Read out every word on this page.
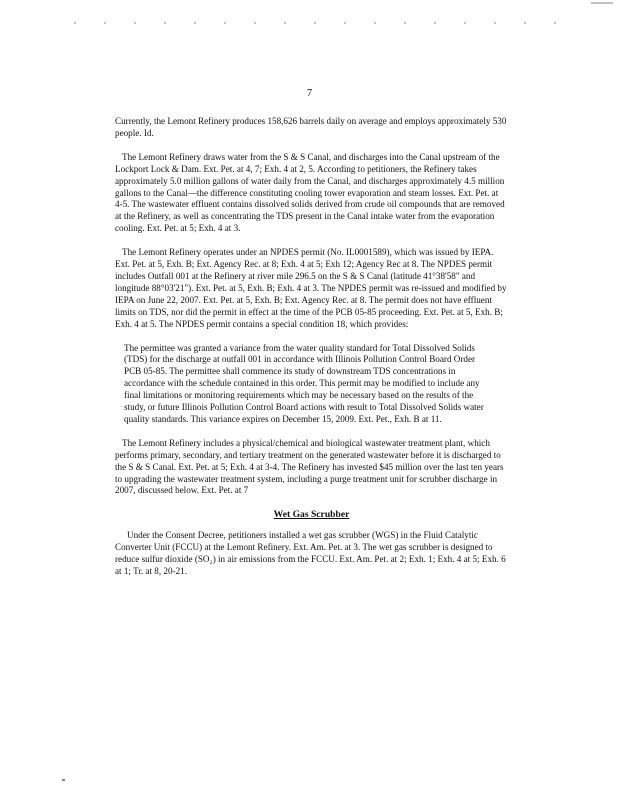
7

Currently, the Lemont Refinery produces 158,626 barrels daily on average and employs approximately 530 people. Id.

The Lemont Refinery draws water from the S & S Canal, and discharges into the Canal upstream of the Lockport Lock & Dam. Ext. Pet. at 4, 7; Exh. 4 at 2, 5. According to petitioners, the Refinery takes approximately 5.0 million gallons of water daily from the Canal, and discharges approximately 4.5 million gallons to the Canal—the difference constituting cooling tower evaporation and steam losses. Ext. Pet. at 4-5. The wastewater effluent contains dissolved solids derived from crude oil compounds that are removed at the Refinery, as well as concentrating the TDS present in the Canal intake water from the evaporation cooling. Ext. Pet. at 5; Exh. 4 at 3.

The Lemont Refinery operates under an NPDES permit (No. IL0001589), which was issued by IEPA. Ext. Pet. at 5, Exh. B; Ext. Agency Rec. at 8; Exh. 4 at 5; Exh 12; Agency Rec at 8. The NPDES permit includes Outfall 001 at the Refinery at river mile 296.5 on the S & S Canal (latitude 41°38'58" and longitude 88°03'21"). Ext. Pet. at 5, Exh. B; Exh. 4 at 3. The NPDES permit was re-issued and modified by IEPA on June 22, 2007. Ext. Pet. at 5, Exh. B; Ext. Agency Rec. at 8. The permit does not have effluent limits on TDS, nor did the permit in effect at the time of the PCB 05-85 proceeding. Ext. Pet. at 5, Exh. B; Exh. 4 at 5. The NPDES permit contains a special condition 18, which provides:

The permittee was granted a variance from the water quality standard for Total Dissolved Solids (TDS) for the discharge at outfall 001 in accordance with Illinois Pollution Control Board Order PCB 05-85. The permittee shall commence its study of downstream TDS concentrations in accordance with the schedule contained in this order. This permit may be modified to include any final limitations or monitoring requirements which may be necessary based on the results of the study, or future Illinois Pollution Control Board actions with result to Total Dissolved Solids water quality standards. This variance expires on December 15, 2009. Ext. Pet., Exh. B at 11.

The Lemont Refinery includes a physical/chemical and biological wastewater treatment plant, which performs primary, secondary, and tertiary treatment on the generated wastewater before it is discharged to the S & S Canal. Ext. Pet. at 5; Exh. 4 at 3-4. The Refinery has invested $45 million over the last ten years to upgrading the wastewater treatment system, including a purge treatment unit for scrubber discharge in 2007, discussed below. Ext. Pet. at 7

Wet Gas Scrubber

Under the Consent Decree, petitioners installed a wet gas scrubber (WGS) in the Fluid Catalytic Converter Unit (FCCU) at the Lemont Refinery. Ext. Am. Pet. at 3. The wet gas scrubber is designed to reduce sulfur dioxide (SO₂) in air emissions from the FCCU. Ext. Am. Pet. at 2; Exh. 1; Exh. 4 at 5; Exh. 6 at 1; Tr. at 8, 20-21.
